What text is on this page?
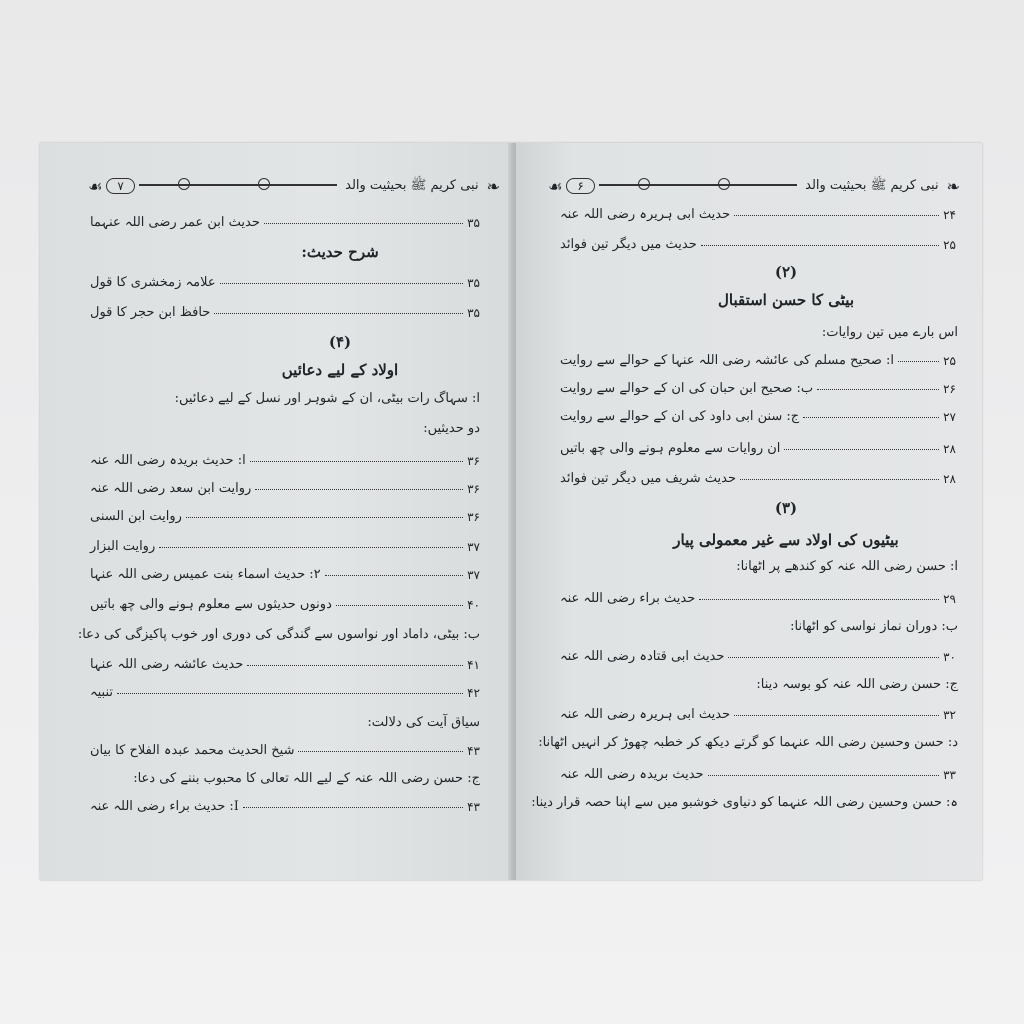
❧
نبی کریم ﷺ بحیثیت والد
۷
☙
حدیث ابن عمر رضی اللہ عنہما	۳۵
شرح حدیث:
علامہ زمخشری کا قول	۳۵
حافظ ابن حجر کا قول	۳۵
(۴)
اولاد کے لیے دعائیں
ا: سہاگ رات بیٹی، ان کے شوہر اور نسل کے لیے دعائیں:
دو حدیثیں:
ا: حدیث بریدہ رضی اللہ عنہ	۳۶
روایت ابن سعد رضی اللہ عنہ	۳۶
روایت ابن السنی	۳۶
روایت البزار	۳۷
۲: حدیث اسماء بنت عمیس رضی اللہ عنہا	۳۷
دونوں حدیثوں سے معلوم ہونے والی چھ باتیں	۴۰
ب: بیٹی، داماد اور نواسوں سے گندگی کی دوری اور خوب پاکیزگی کی دعا:
حدیث عائشہ رضی اللہ عنہا	۴۱
تنبیہ	۴۲
سیاق آیت کی دلالت:
شیخ الحدیث محمد عبدہ الفلاح کا بیان	۴۳
ج: حسن رضی اللہ عنہ کے لیے اللہ تعالی کا محبوب بننے کی دعا:
I: حدیث براء رضی اللہ عنہ	۴۳
❧
نبی کریم ﷺ بحیثیت والد
۶
☙
حدیث ابی ہریرہ رضی اللہ عنہ	۲۴
حدیث میں دیگر تین فوائد	۲۵
(۲)
بیٹی کا حسن استقبال
اس بارے میں تین روایات:
ا: صحیح مسلم کی عائشہ رضی اللہ عنہا کے حوالے سے روایت	۲۵
ب: صحیح ابن حبان کی ان کے حوالے سے روایت	۲۶
ج: سنن ابی داود کی ان کے حوالے سے روایت	۲۷
ان روایات سے معلوم ہونے والی چھ باتیں	۲۸
حدیث شریف میں دیگر تین فوائد	۲۸
(۳)
بیٹیوں کی اولاد سے غیر معمولی پیار
ا: حسن رضی اللہ عنہ کو کندھے پر اٹھانا:
حدیث براء رضی اللہ عنہ	۲۹
ب: دوران نماز نواسی کو اٹھانا:
حدیث ابی قتادہ رضی اللہ عنہ	۳۰
ج: حسن رضی اللہ عنہ کو بوسہ دینا:
حدیث ابی ہریرہ رضی اللہ عنہ	۳۲
د: حسن وحسین رضی اللہ عنہما کو گرتے دیکھ کر خطبہ چھوڑ کر انہیں اٹھانا:
حدیث بریدہ رضی اللہ عنہ	۳۳
ہ: حسن وحسین رضی اللہ عنہما کو دنیاوی خوشبو میں سے اپنا حصہ قرار دینا:
